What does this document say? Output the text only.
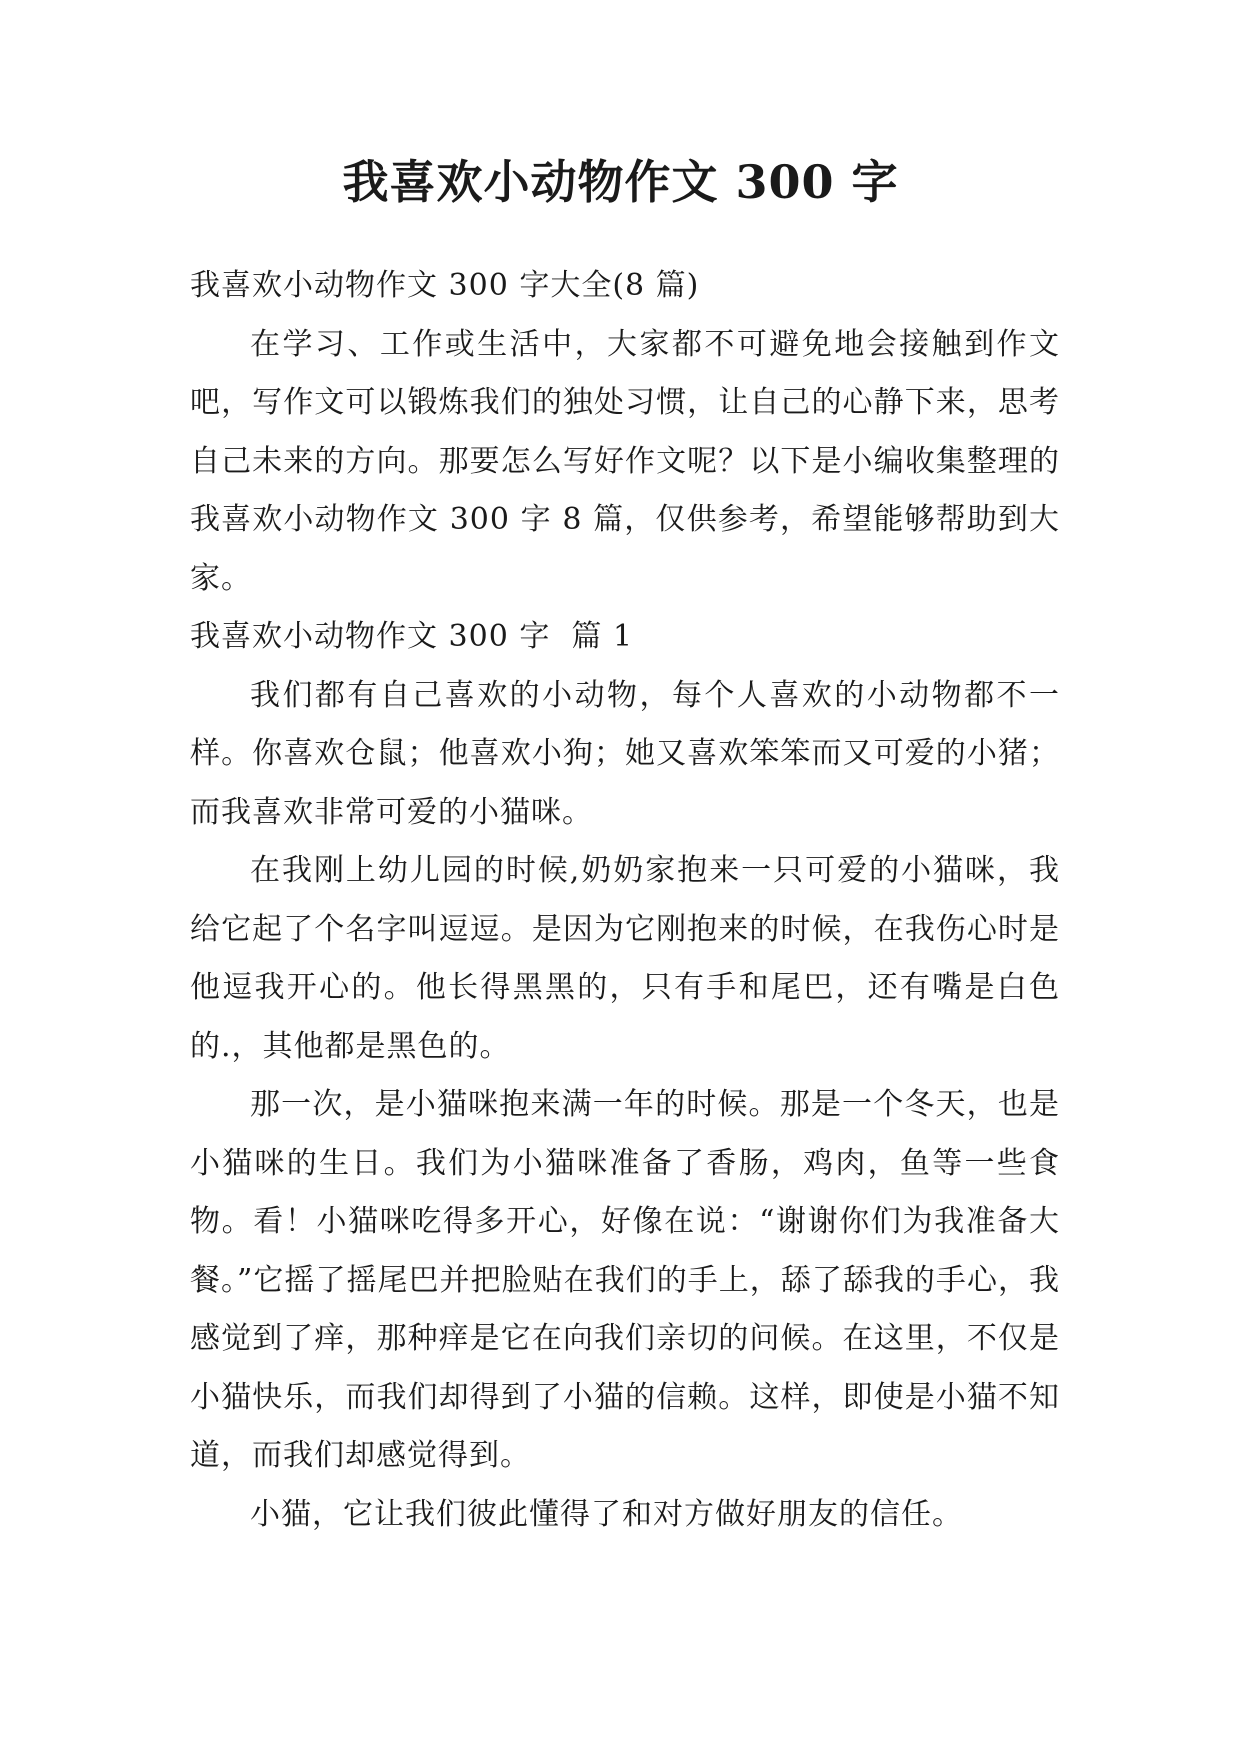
我喜欢小动物作文 300 字

我喜欢小动物作文 300 字大全(8 篇)

在学习、工作或生活中，大家都不可避免地会接触到作文吧，写作文可以锻炼我们的独处习惯，让自己的心静下来，思考自己未来的方向。那要怎么写好作文呢？以下是小编收集整理的我喜欢小动物作文 300 字 8 篇，仅供参考，希望能够帮助到大家。

我喜欢小动物作文 300 字  篇 1

我们都有自己喜欢的小动物，每个人喜欢的小动物都不一样。你喜欢仓鼠；他喜欢小狗；她又喜欢笨笨而又可爱的小猪；而我喜欢非常可爱的小猫咪。

在我刚上幼儿园的时候,奶奶家抱来一只可爱的小猫咪，我给它起了个名字叫逗逗。是因为它刚抱来的时候，在我伤心时是他逗我开心的。他长得黑黑的，只有手和尾巴，还有嘴是白色的.，其他都是黑色的。

那一次，是小猫咪抱来满一年的时候。那是一个冬天，也是小猫咪的生日。我们为小猫咪准备了香肠，鸡肉，鱼等一些食物。看！小猫咪吃得多开心，好像在说：“谢谢你们为我准备大餐。”它摇了摇尾巴并把脸贴在我们的手上，舔了舔我的手心，我感觉到了痒，那种痒是它在向我们亲切的问候。在这里，不仅是小猫快乐，而我们却得到了小猫的信赖。这样，即使是小猫不知道，而我们却感觉得到。

小猫，它让我们彼此懂得了和对方做好朋友的信任。
